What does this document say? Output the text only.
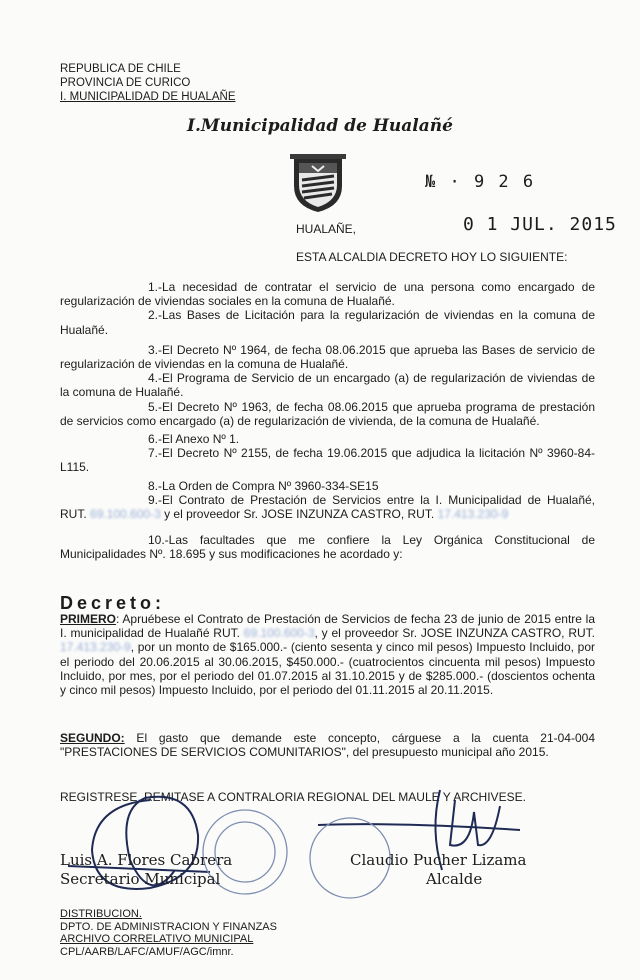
REPUBLICA DE CHILE
PROVINCIA DE CURICO
I. MUNICIPALIDAD DE HUALAÑE
I.Municipalidad de Hualañé
№ · 9 2 6
HUALAÑE,	0 1 JUL. 2015
ESTA ALCALDIA DECRETO HOY LO SIGUIENTE:

1.-La necesidad de contratar el servicio de una persona como encargado de regularización de viviendas sociales en la comuna de Hualañé.

2.-Las Bases de Licitación para la regularización de viviendas en la comuna de Hualañé.

3.-El Decreto Nº 1964, de fecha 08.06.2015 que aprueba las Bases de servicio de regularización de viviendas en la comuna de Hualañé.

4.-El Programa de Servicio de un encargado (a) de regularización de viviendas de la comuna de Hualañé.

5.-El Decreto Nº 1963, de fecha 08.06.2015 que aprueba programa de prestación de servicios como encargado (a) de regularización de vivienda, de la comuna de Hualañé.

6.-El Anexo Nº 1.

7.-El Decreto Nº 2155, de fecha 19.06.2015 que adjudica la licitación Nº 3960-84-L115.

8.-La Orden de Compra Nº 3960-334-SE15

9.-El Contrato de Prestación de Servicios entre la I. Municipalidad de Hualañé, RUT. 69.100.600-3 y el proveedor Sr. JOSE INZUNZA CASTRO, RUT. 17.413.230-9

10.-Las facultades que me confiere la Ley Orgánica Constitucional de Municipalidades Nº. 18.695 y sus modificaciones he acordado y:

Decreto:

PRIMERO: Apruébese el Contrato de Prestación de Servicios de fecha 23 de junio de 2015 entre la I. municipalidad de Hualañé RUT. 69.100.600-3, y el proveedor Sr. JOSE INZUNZA CASTRO, RUT. 17.413.230-9, por un monto de $165.000.- (ciento sesenta y cinco mil pesos) Impuesto Incluido, por el periodo del 20.06.2015 al 30.06.2015, $450.000.- (cuatrocientos cincuenta mil pesos) Impuesto Incluido, por mes, por el periodo del 01.07.2015 al 31.10.2015 y de $285.000.- (doscientos ochenta y cinco mil pesos) Impuesto Incluido, por el periodo del 01.11.2015 al 20.11.2015.

SEGUNDO: El gasto que demande este concepto, cárguese a la cuenta 21-04-004 "PRESTACIONES DE SERVICIOS COMUNITARIOS", del presupuesto municipal año 2015.

REGISTRESE, REMITASE A CONTRALORIA REGIONAL DEL MAULE Y ARCHIVESE.
Luis A. Flores Cabrera
Secretario Municipal
Claudio Pucher Lizama
Alcalde
DISTRIBUCION.
DPTO. DE ADMINISTRACION Y FINANZAS
ARCHIVO CORRELATIVO MUNICIPAL
CPL/AARB/LAFC/AMUF/AGC/imnr.
